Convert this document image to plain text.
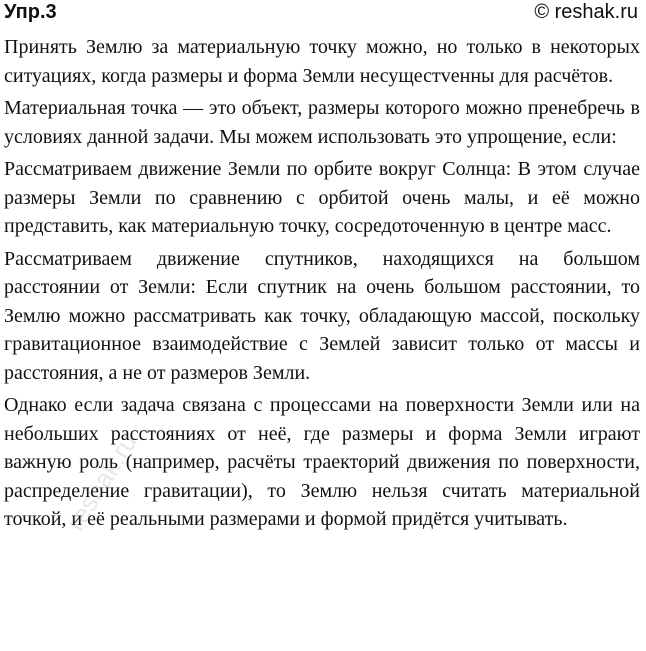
Упр.3	© reshak.ru

Принять Землю за материальную точку можно, но только в некоторых ситуациях, когда размеры и форма Земли несущестvенны для расчётов.

Материальная точка — это объект, размеры которого можно пренебречь в условиях данной задачи. Мы можем использовать это упрощение, если:

Рассматриваем движение Земли по орбите вокруг Солнца: В этом случае размеры Земли по сравнению с орбитой очень малы, и её можно представить, как материальную точку, сосредоточенную в центре масс.

Рассматриваем движение спутников, находящихся на большом расстоянии от Земли: Если спутник на очень большом расстоянии, то Землю можно рассматривать как точку, обладающую массой, поскольку гравитационное взаимодействие с Землей зависит только от массы и расстояния, а не от размеров Земли.

Однако если задача связана с процессами на поверхности Земли или на небольших расстояниях от неё, где размеры и форма Земли играют важную роль (например, расчёты траекторий движения по поверхности, распределение гравитации), то Землю нельзя считать материальной точкой, и её реальными размерами и формой придётся учитывать.

reshak.ru
